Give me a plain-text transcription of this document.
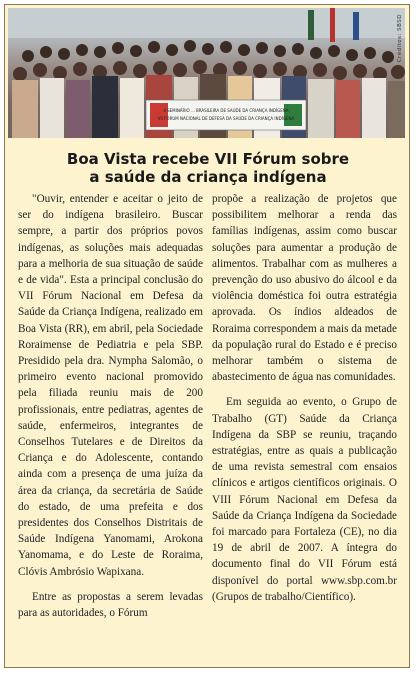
II SEMINÁRIO ... BRASILEIRA DE SAÚDE DA CRIANÇA INDÍGENA
VII FÓRUM NACIONAL DE DEFESA DA SAÚDE DA CRIANÇA INDÍGENA
Créditos: SBSD
Boa Vista recebe VII Fórum sobre
a saúde da criança indígena

"Ouvir, entender e aceitar o jeito de ser do indígena brasileiro. Buscar sempre, a partir dos próprios povos indígenas, as soluções mais adequadas para a melhoria de sua situação de saúde e de vida". Esta a principal conclusão do VII Fórum Nacional em Defesa da Saúde da Criança Indígena, realizado em Boa Vista (RR), em abril, pela Sociedade Roraimense de Pediatria e pela SBP. Presidido pela dra. Nympha Salomão, o primeiro evento nacional promovido pela filiada reuniu mais de 200 profissionais, entre pediatras, agentes de saúde, enfermeiros, integrantes de Conselhos Tutelares e de Direitos da Criança e do Adolescente, contando ainda com a presença de uma juíza da área da criança, da secretária de Saúde do estado, de uma prefeita e dos presidentes dos Conselhos Distritais de Saúde Indígena Yanomami, Arokona Yanomama, e do Leste de Roraima, Clóvis Ambrósio Wapixana.

Entre as propostas a serem levadas para as autoridades, o Fórum

propõe a realização de projetos que possibilitem melhorar a renda das famílias indígenas, assim como buscar soluções para aumentar a produção de alimentos. Trabalhar com as mulheres a prevenção do uso abusivo do álcool e da violência doméstica foi outra estratégia aprovada. Os índios aldeados de Roraima correspondem a mais da metade da população rural do Estado e é preciso melhorar também o sistema de abastecimento de água nas comunidades.

Em seguida ao evento, o Grupo de Trabalho (GT) Saúde da Criança Indígena da SBP se reuniu, traçando estratégias, entre as quais a publicação de uma revista semestral com ensaios clínicos e artigos científicos originais. O VIII Fórum Nacional em Defesa da Saúde da Criança Indígena da Sociedade foi marcado para Fortaleza (CE), no dia 19 de abril de 2007. A íntegra do documento final do VII Fórum está disponível do portal www.sbp.com.br (Grupos de trabalho/Científico).
